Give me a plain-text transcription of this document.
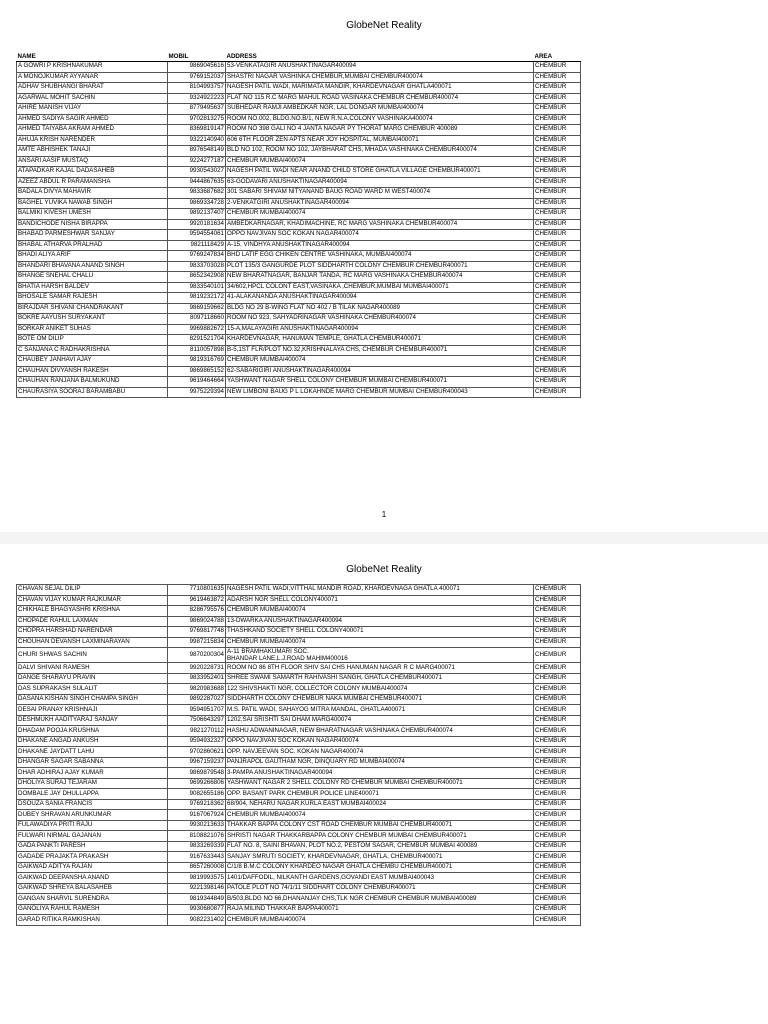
GlobeNet Reality
NAME	MOBIL	ADDRESS	AREA
A GOWRI P KRISHNAKUMAR	9869045616	53-VENKATAGIRI ANUSHAKTINAGAR400094	CHEMBUR
A MONOJKUMAR AYYANAR	9769152037	SHASTRI NAGAR VASHINKA CHEMBUR,MUMBAI CHEMBUR400074	CHEMBUR
ADHAV SHUBHANGI BHARAT	8104993757	NAGESH PATIL WADI, MARIMATA MANDIR, KHARDEVNAGAR GHATLA400071	CHEMBUR
AGARWAL MOHIT SACHIN	9324922223	FLAT NO 115 R.C MARG MAHUL ROAD VASINAKA CHEMBUR CHEMBUR400074	CHEMBUR
AHIRE MANISH VIJAY	8779495637	SUBHEDAR RAMJI AMBEDKAR NGR, LAL DONGAR MUMBAI400074	CHEMBUR
AHMED SADIYA SAGIR AHMED	9702813275	ROOM NO.002, BLDG.NO.B/1, NEW R.N.A.COLONY VASHINAKA400074	CHEMBUR
AHMED TAIYABA AKRAM AHMED	8369819147	ROOM NO 398 GALI NO 4 JANTA NAGAR PY THORAT MARG CHEMBUR 400089	CHEMBUR
AHUJA KRISH NARENDER	9322140940	606 6TH FLOOR ZEN APTS NEAR JOY HOSPITAL, MUMBAI400071	CHEMBUR
AMTE ABHISHEK TANAJI	8976548149	BLD NO 102, ROOM NO 102, JAYBHARAT CHS, MHADA VASHINAKA CHEMBUR400074	CHEMBUR
ANSARI AASIF MUSTAQ	9224277187	CHEMBUR MUMBAI400074	CHEMBUR
ATAPADKAR KAJAL DADASAHEB	9930543027	NAGESH PATIL WADI NEAR ANAND CHILD STORE GHATLA VILLAGE CHEMBUR400071	CHEMBUR
AZEEZ ABDUL R PARAMANSHA	9444867635	63-GODAVARI ANUSHAKTINAGAR400094	CHEMBUR
BADALA DIVYA MAHAVIR	9833687682	301 SABARI SHIVAM NITYANAND BAUG ROAD WARD M WEST400074	CHEMBUR
BAGHEL YUVIKA NAWAB SINGH	9869334728	2-VENKATGIRI ANUSHAKTINAGAR400094	CHEMBUR
BALMIKI KIVESH UMESH	9892137407	CHEMBUR MUMBAI400074	CHEMBUR
BANDICHODE NISHA BIRAPPA	9920181634	AMBEDKARNAGAR, KHADIMACHINE, RC MARG VASHINAKA CHEMBUR400074	CHEMBUR
BHABAD PARMESHWAR SANJAY	9594554061	OPPO NAVJIVAN SOC KOKAN NAGAR400074	CHEMBUR
BHABAL ATHARVA PRALHAD	9821118429	A-15, VINDHYA ANUSHAKTINAGAR400094	CHEMBUR
BHADI ALIYA ARIF	9769247834	BHD LATIF EGG CHIKEN CENTRE VASHINAKA, MUMBAI400074	CHEMBUR
BHANDARI BHAVANA ANAND SINGH	9833703028	PLOT 135/3 GANGURDE PLOT SIDDHARTH COLONY CHEMBUR CHEMBUR400071	CHEMBUR
BHANGE SNEHAL CHALU	8652342908	NEW BHARATNAGAR, BANJAR TANDA, RC MARG VASHINAKA CHEMBUR400074	CHEMBUR
BHATIA HARSH BALDEV	9833540101	34/602,HPCL COLONT EAST,VASINAKA ,CHEMBUR,MUMBAI MUMBAI400071	CHEMBUR
BHOSALE SAMAR RAJESH	9819232172	41-ALAKANANDA ANUSHAKTINAGAR400094	CHEMBUR
BIRAJDAR SHIVANI CHANDRAKANT	9869159662	BLDG NO 29 B-WING FLAT NO 402 / B TILAK NAGAR400089	CHEMBUR
BOKRE AAYUSH SURYAKANT	8097118660	ROOM NO 923, SAHYADRINAGAR VASHINAKA CHEMBUR400074	CHEMBUR
BORKAR ANIKET SUHAS	9969882672	15-A,MALAYAGIRI ANUSHAKTINAGAR400094	CHEMBUR
BOTE OM DILIP	8291521704	KHARDEVNAGAR, HANUMAN TEMPLE, GHATLA CHEMBUR400071	CHEMBUR
C SANJANA C RADHAKRISHNA	8110057898	B-5,1ST FLR/PLOT NO.32,KRISHNALAYA CHS, CHEMBUR CHEMBUR400071	CHEMBUR
CHAUBEY JANHAVI AJAY	9819316769	CHEMBUR MUMBAI400074	CHEMBUR
CHAUHAN DIVYANSH RAKESH	9869865152	62-SABARIGIRI ANUSHAKTINAGAR400094	CHEMBUR
CHAUHAN RANJANA BALMUKUND	9619464664	YASHWANT NAGAR SHELL COLONY CHEMBUR MUMBAI CHEMBUR400071	CHEMBUR
CHAURASIYA SOORAJ BARAMBABU	9975229394	NEW LIMBONI BAUG P L LOKAHNDE MARG CHEMBUR MUMBAI CHEMBUR400043	CHEMBUR
1
GlobeNet Reality
CHAVAN SEJAL DILIP	7710801635	NAGESH PATIL WADI,VITTHAL MANDIR ROAD, KHARDEVNAGA GHATLA 400071	CHEMBUR
CHAVAN VIJAY KUMAR RAJKUMAR	9619463872	ADARSH NGR SHELL COLONY400071	CHEMBUR
CHIKHALE BHAGYASHRI KRISHNA	8286795576	CHEMBUR MUMBAI400074	CHEMBUR
CHOPADE RAHUL LAXMAN	9869024788	13-DWARKA ANUSHAKTINAGAR400094	CHEMBUR
CHOPRA HARSHAD NARENDAR	9769817748	THASHKAND SOCIETY SHELL COLONY400071	CHEMBUR
CHOUHAN DEVANSH LAXMINARAYAN	9987215834	CHEMBUR MUMBAI400074	CHEMBUR
CHURI SHWAS SACHIN	9870200304	A-11 BRAMHAKUMARI SOC.
BHANDAR LANE,L.J.ROAD MAHIM400016	CHEMBUR
DALVI SHIVANI RAMESH	9920228731	ROOM NO 86 8TH FLOOR SHIV SAI CHS HANUMAN NAGAR R C MARG400071	CHEMBUR
DANGE SHARAYU PRAVIN	9833952401	SHREE SWAMI SAMARTH RAHIVASHI SANGH, GHATLA CHEMBUR400071	CHEMBUR
DAS SUPRAKASH SULALIT	9820983688	122 SHIVSHAKTI NGR, COLLECTOR COLONY MUMBAI400074	CHEMBUR
DASANA KISHAN SINGH CHAMPA SINGH	9892287027	SIDDHARTH COLONY CHEMBUR NAKA MUMBAI CHEMBUR400071	CHEMBUR
DESAI PRANAY KRISHNAJI	9594951707	M.S. PATIL WADI, SAHAYOG MITRA MANDAL, GHATLA400071	CHEMBUR
DESHMUKH AADITYARAJ SANJAY	7506643297	1202,SAI SRISHTI SAI DHAM MARG400074	CHEMBUR
DHADAM POOJA KRUSHNA	9821270112	HASHU ADWANINAGAR, NEW BHARATNAGAR VASHINAKA CHEMBUR400074	CHEMBUR
DHAKANE ANGAD ANKUSH	9594932327	OPPO NAVJIVAN SOC KOKAN NAGAR400074	CHEMBUR
DHAKANE JAYDATT LAHU	9702860621	OPP. NAVJEEVAN SOC. KOKAN NAGAR400074	CHEMBUR
DHANGAR SAGAR SABANNA	9967159237	PANJRAPOL GAUTHAM NGR, DINQUARY RD MUMBAI400074	CHEMBUR
DHAR ADHIRAJ AJAY KUMAR	9869879548	3-PAMPA ANUSHAKTINAGAR400094	CHEMBUR
DHOLIYA SURAJ TEJARAM	9699266806	YASHWANT NAGAR 2 SHELL COLONY RD CHEMBUR MUMBAI CHEMBUR400071	CHEMBUR
DOMBALE JAY DHULLAPPA	9082655186	OPP. BASANT PARK CHEMBUR POLICE LINE400071	CHEMBUR
DSOUZA SANIA FRANCIS	9769218362	68/904, NEHARU NAGAR,KURLA EAST MUMBAI400024	CHEMBUR
DUBEY SHRAVAN ARUNKUMAR	9167067924	CHEMBUR MUMBAI400074	CHEMBUR
FULAWADIYA PRITI RAJU	9930213633	THAKKAR BAPPA COLONY CST ROAD CHEMBUR MUMBAI CHEMBUR400071	CHEMBUR
FULWARI NIRMAL GAJANAN	8108821076	SHRISTI NAGAR THAKKARBAPPA COLONY CHEMBUR MUMBAI CHEMBUR400071	CHEMBUR
GADA PANKTI PARESH	9833269339	FLAT NO. 8, SAINI BHAVAN, PLOT NO.2, PESTOM SAGAR, CHEMBUR MUMBAI 400089	CHEMBUR
GADADE PRAJAKTA PRAKASH	9167633443	SANJAY SMRUTI SOCIETY, KHARDEVNAGAR, GHATLA, CHEMBUR400071	CHEMBUR
GAIKWAD ADITYA RAJAN	8657260008	C/1/8 B.M.C COLONY KHARDEO NAGAR GHATLA CHEMBU CHEMBUR400071	CHEMBUR
GAIKWAD DEEPANSHA ANAND	9819993575	1401/DAFFODIL, NILKANTH GARDENS,GOVANDI EAST MUMBAI400043	CHEMBUR
GAIKWAD SHREYA BALASAHEB	9221398146	PATOLE PLOT NO 74/1/11 SIDDHART COLONY CHEMBUR400071	CHEMBUR
GANGAN SHARVIL SURENDRA	9819344849	B/503,BLDG NO 66,DHANANJAY CHS,TLK NGR CHEMBUR CHEMBUR MUMBAI400089	CHEMBUR
GANOLIYA RAHUL RAMESH	9930680877	RAJA MILIND THAKKAR BAPPA400071	CHEMBUR
GARAD RITIKA RAMKISHAN	9082231402	CHEMBUR MUMBAI400074	CHEMBUR
